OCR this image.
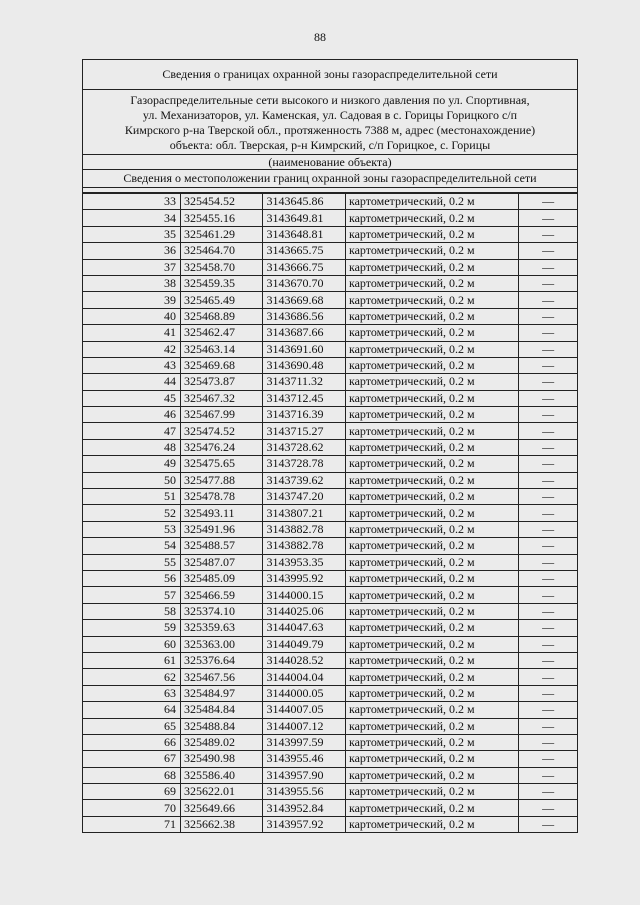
88
Сведения о границах охранной зоны газораспределительной сети
Газораспределительные сети высокого и низкого давления по ул. Спортивная,
ул. Механизаторов, ул. Каменская, ул. Садовая в с. Горицы Горицкого с/п
Кимрского р-на Тверской обл., протяженность 7388 м, адрес (местонахождение)
объекта: обл. Тверская, р-н Кимрский, с/п Горицкое, с. Горицы
(наименование объекта)
Сведения о местоположении границ охранной зоны газораспределительной сети
33	325454.52	3143645.86	картометрический, 0.2 м	—
34	325455.16	3143649.81	картометрический, 0.2 м	—
35	325461.29	3143648.81	картометрический, 0.2 м	—
36	325464.70	3143665.75	картометрический, 0.2 м	—
37	325458.70	3143666.75	картометрический, 0.2 м	—
38	325459.35	3143670.70	картометрический, 0.2 м	—
39	325465.49	3143669.68	картометрический, 0.2 м	—
40	325468.89	3143686.56	картометрический, 0.2 м	—
41	325462.47	3143687.66	картометрический, 0.2 м	—
42	325463.14	3143691.60	картометрический, 0.2 м	—
43	325469.68	3143690.48	картометрический, 0.2 м	—
44	325473.87	3143711.32	картометрический, 0.2 м	—
45	325467.32	3143712.45	картометрический, 0.2 м	—
46	325467.99	3143716.39	картометрический, 0.2 м	—
47	325474.52	3143715.27	картометрический, 0.2 м	—
48	325476.24	3143728.62	картометрический, 0.2 м	—
49	325475.65	3143728.78	картометрический, 0.2 м	—
50	325477.88	3143739.62	картометрический, 0.2 м	—
51	325478.78	3143747.20	картометрический, 0.2 м	—
52	325493.11	3143807.21	картометрический, 0.2 м	—
53	325491.96	3143882.78	картометрический, 0.2 м	—
54	325488.57	3143882.78	картометрический, 0.2 м	—
55	325487.07	3143953.35	картометрический, 0.2 м	—
56	325485.09	3143995.92	картометрический, 0.2 м	—
57	325466.59	3144000.15	картометрический, 0.2 м	—
58	325374.10	3144025.06	картометрический, 0.2 м	—
59	325359.63	3144047.63	картометрический, 0.2 м	—
60	325363.00	3144049.79	картометрический, 0.2 м	—
61	325376.64	3144028.52	картометрический, 0.2 м	—
62	325467.56	3144004.04	картометрический, 0.2 м	—
63	325484.97	3144000.05	картометрический, 0.2 м	—
64	325484.84	3144007.05	картометрический, 0.2 м	—
65	325488.84	3144007.12	картометрический, 0.2 м	—
66	325489.02	3143997.59	картометрический, 0.2 м	—
67	325490.98	3143955.46	картометрический, 0.2 м	—
68	325586.40	3143957.90	картометрический, 0.2 м	—
69	325622.01	3143955.56	картометрический, 0.2 м	—
70	325649.66	3143952.84	картометрический, 0.2 м	—
71	325662.38	3143957.92	картометрический, 0.2 м	—
